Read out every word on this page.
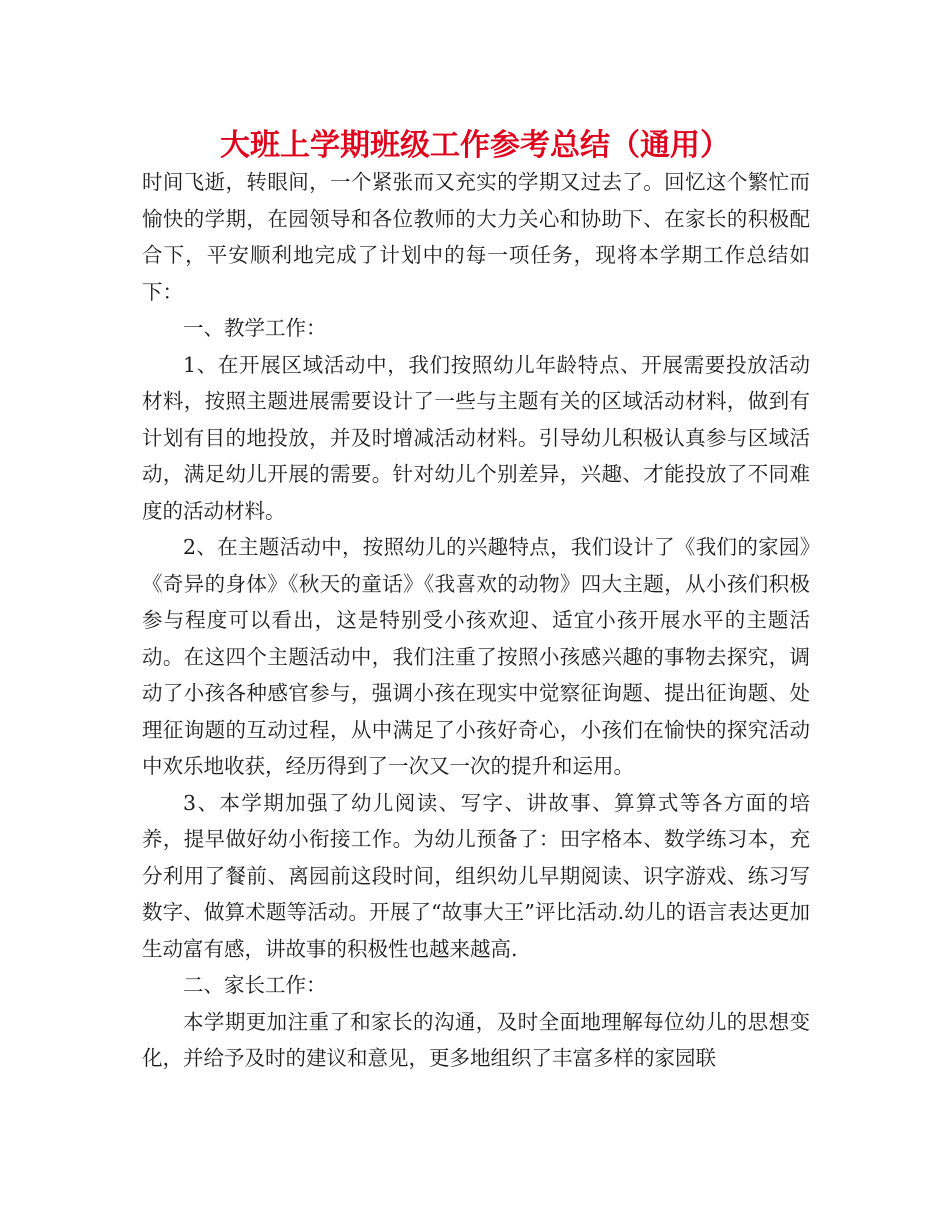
大班上学期班级工作参考总结（通用）

时间飞逝，转眼间，一个紧张而又充实的学期又过去了。回忆这个繁忙而愉快的学期，在园领导和各位教师的大力关心和协助下、在家长的积极配合下，平安顺利地完成了计划中的每一项任务，现将本学期工作总结如下：

一、教学工作：

1、在开展区域活动中，我们按照幼儿年龄特点、开展需要投放活动材料，按照主题进展需要设计了一些与主题有关的区域活动材料，做到有计划有目的地投放，并及时增减活动材料。引导幼儿积极认真参与区域活动，满足幼儿开展的需要。针对幼儿个别差异，兴趣、才能投放了不同难度的活动材料。

2、在主题活动中，按照幼儿的兴趣特点，我们设计了《我们的家园》《奇异的身体》《秋天的童话》《我喜欢的动物》四大主题，从小孩们积极参与程度可以看出，这是特别受小孩欢迎、适宜小孩开展水平的主题活动。在这四个主题活动中，我们注重了按照小孩感兴趣的事物去探究，调动了小孩各种感官参与，强调小孩在现实中觉察征询题、提出征询题、处理征询题的互动过程，从中满足了小孩好奇心，小孩们在愉快的探究活动中欢乐地收获，经历得到了一次又一次的提升和运用。

3、本学期加强了幼儿阅读、写字、讲故事、算算式等各方面的培养，提早做好幼小衔接工作。为幼儿预备了：田字格本、数学练习本，充分利用了餐前、离园前这段时间，组织幼儿早期阅读、识字游戏、练习写数字、做算术题等活动。开展了“故事大王”评比活动.幼儿的语言表达更加生动富有感，讲故事的积极性也越来越高.

二、家长工作：

本学期更加注重了和家长的沟通，及时全面地理解每位幼儿的思想变化，并给予及时的建议和意见，更多地组织了丰富多样的家园联
